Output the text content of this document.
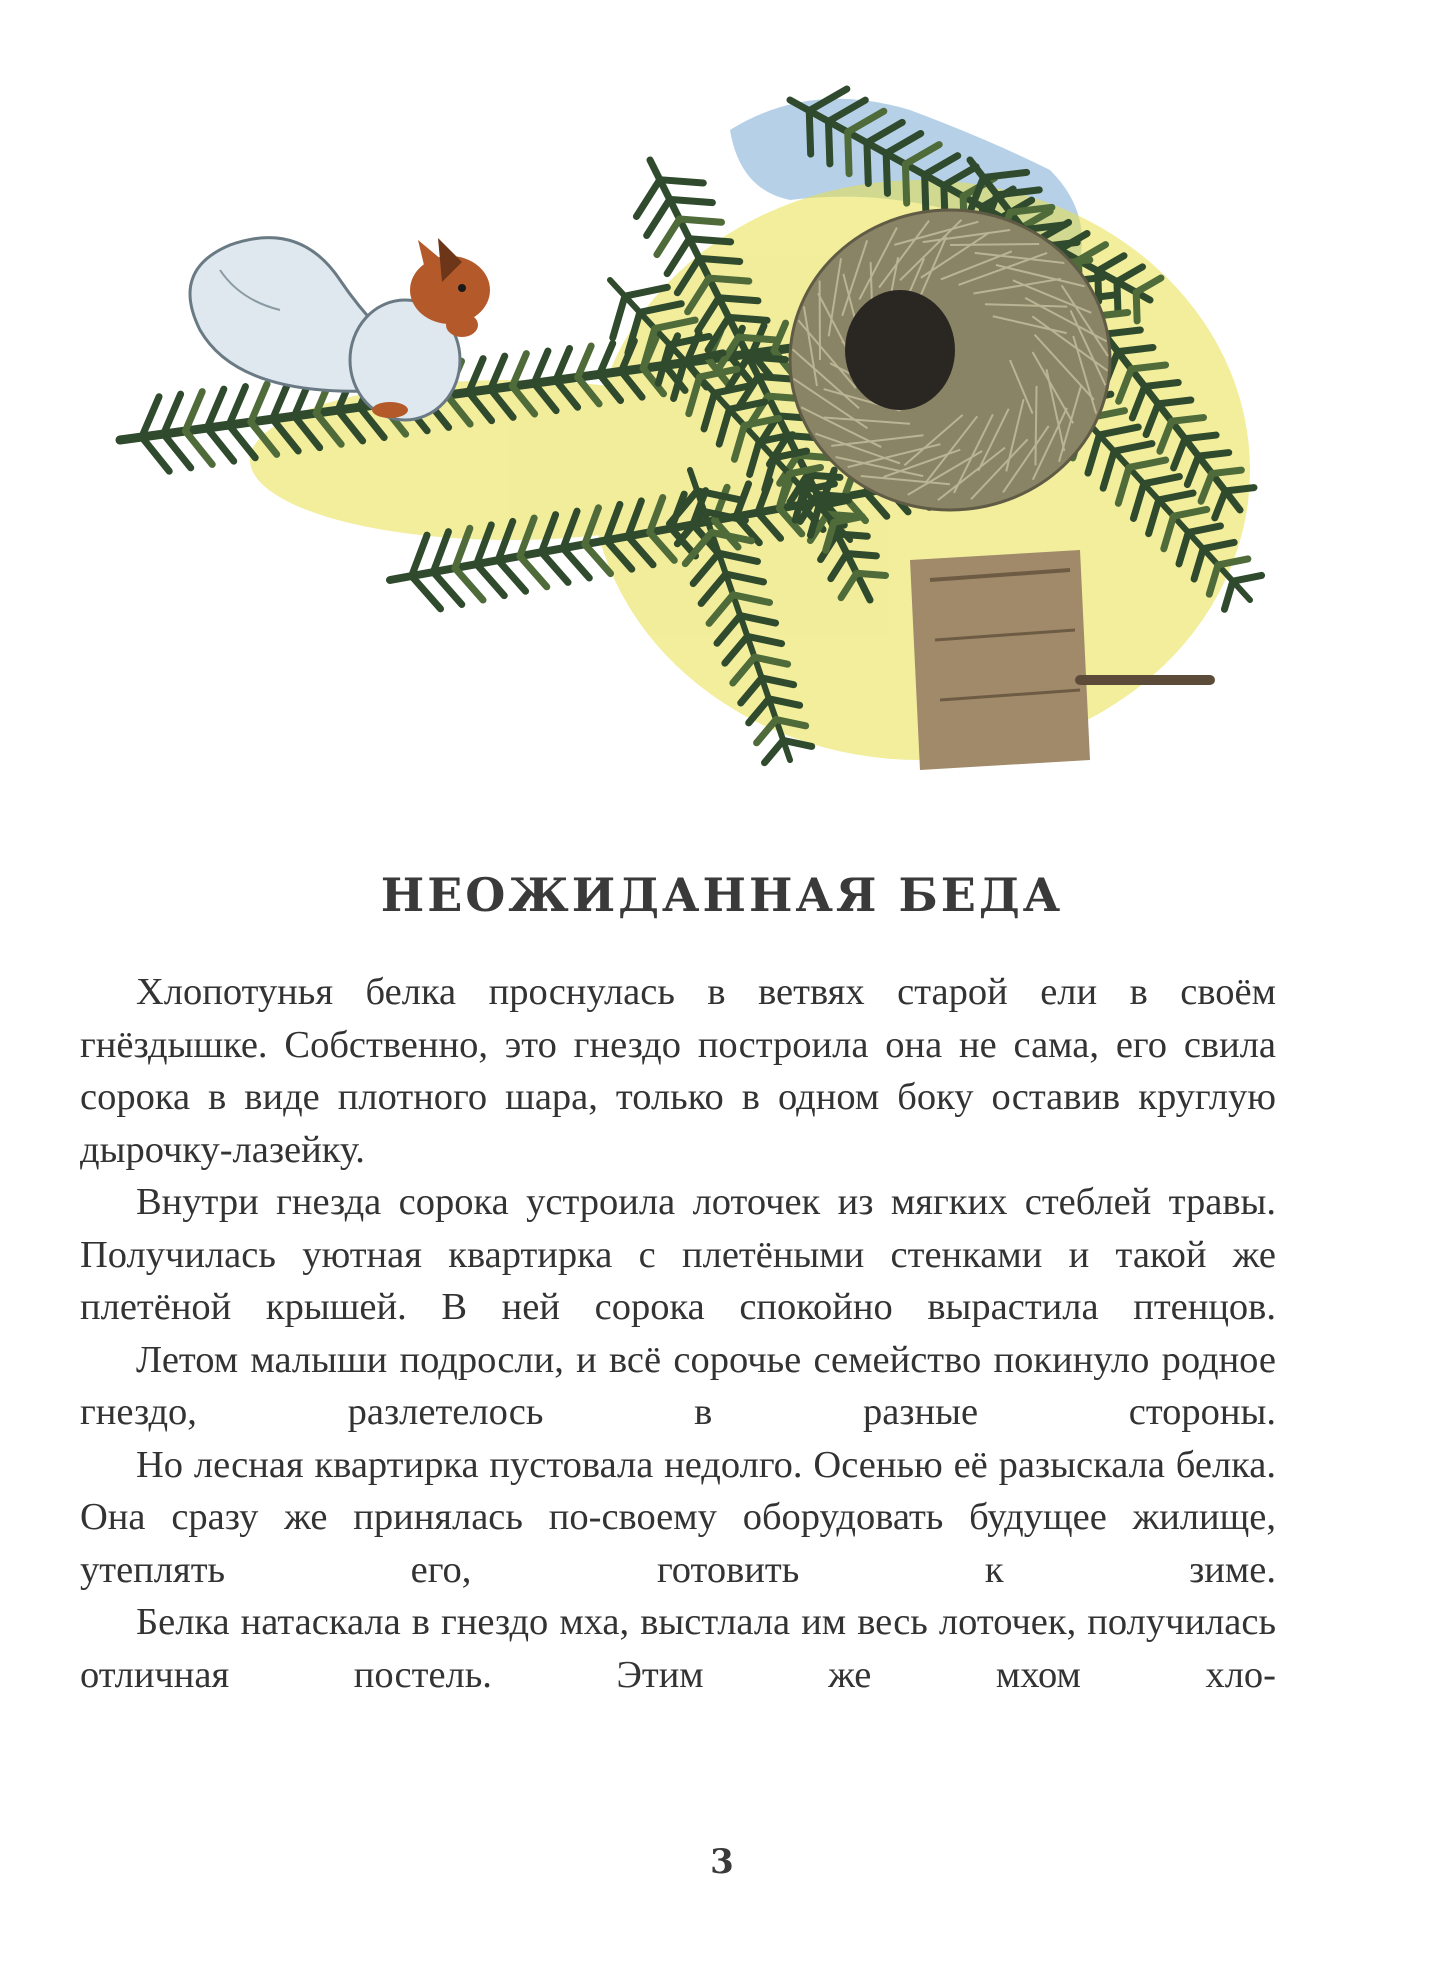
НЕОЖИДАННАЯ БЕДА

Хлопотунья белка проснулась в ветвях старой ели в своём гнёздышке. Собственно, это гнездо построила она не сама, его свила сорока в виде плотного шара, только в одном боку оставив круглую дырочку-лазейку.

Внутри гнезда сорока устроила лоточек из мягких стеблей травы. Получилась уютная квартирка с плетёными стенками и такой же плетёной крышей. В ней сорока спокойно вырастила птенцов.

Летом малыши подросли, и всё сорочье семейство покинуло родное гнездо, разлетелось в разные стороны.

Но лесная квартирка пустовала недолго. Осенью её разыскала белка. Она сразу же принялась по-своему оборудовать будущее жилище, утеплять его, готовить к зиме.

Белка натаскала в гнездо мха, выстлала им весь лоточек, получилась отличная постель. Этим же мхом хло-

3
